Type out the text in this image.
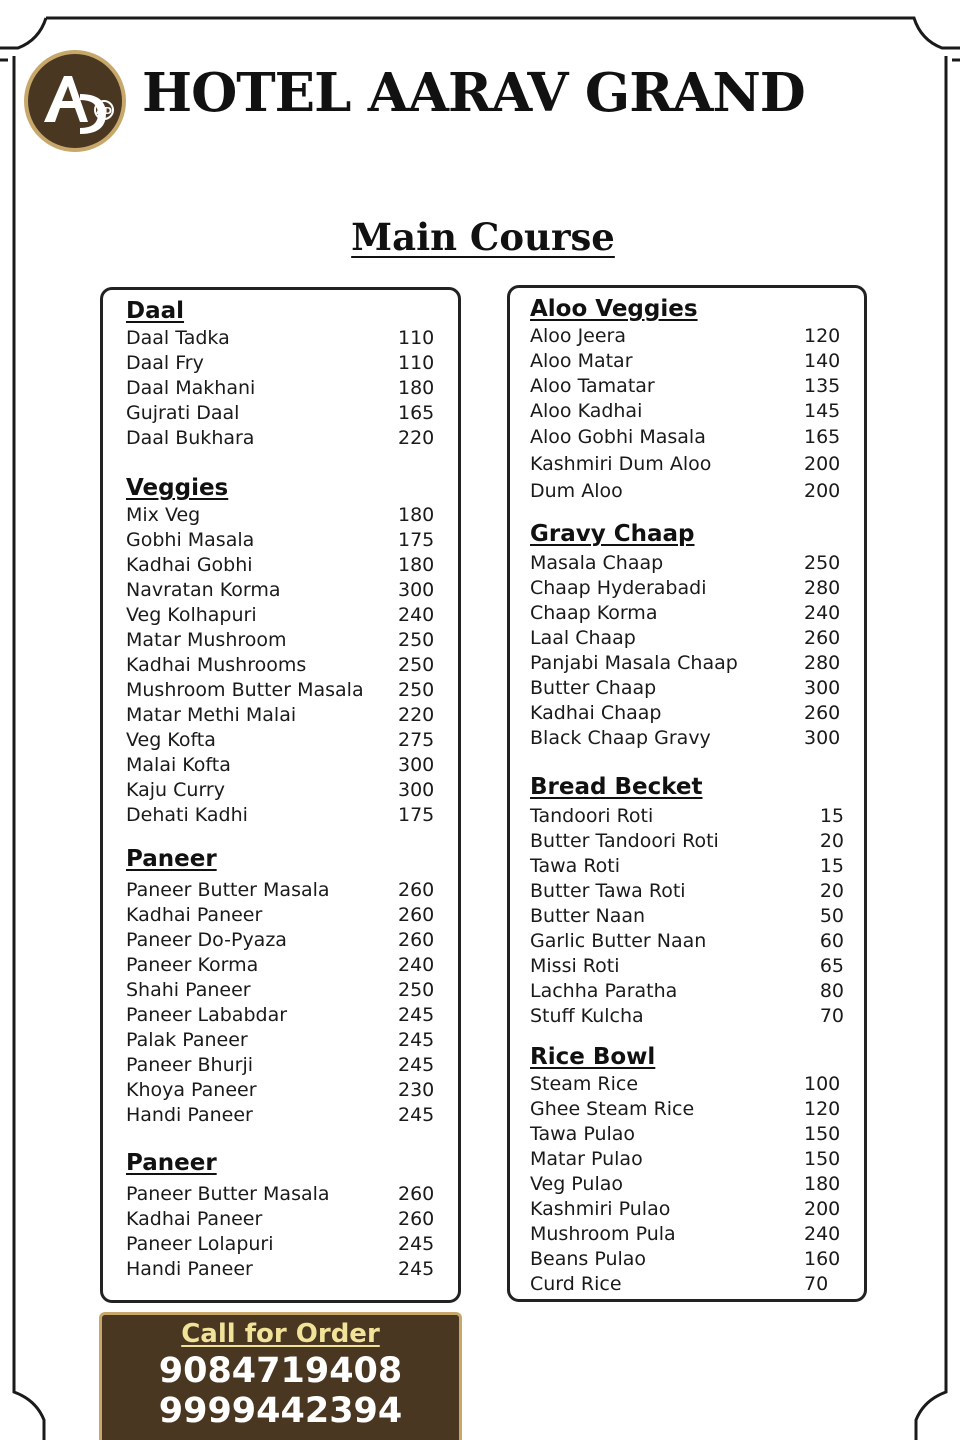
AD HOTEL AARAV GRAND
Main Course
Daal
Daal Tadka	110
Daal Fry	110
Daal Makhani	180
Gujrati Daal	165
Daal Bukhara	220
Veggies
Mix Veg	180
Gobhi Masala	175
Kadhai Gobhi	180
Navratan Korma	300
Veg Kolhapuri	240
Matar Mushroom	250
Kadhai Mushrooms	250
Mushroom Butter Masala 250
Matar Methi Malai	220
Veg Kofta	275
Malai Kofta	300
Kaju Curry	300
Dehati Kadhi	175
Paneer
Paneer Butter Masala	260
Kadhai Paneer	260
Paneer Do-Pyaza	260
Paneer Korma	240
Shahi Paneer	250
Paneer Lababdar	245
Palak Paneer	245
Paneer Bhurji	245
Khoya Paneer	230
Handi Paneer	245
Paneer
Paneer Butter Masala	260
Kadhai Paneer	260
Paneer Lolapuri	245
Handi Paneer	245
Aloo Veggies
Aloo Jeera	120
Aloo Matar	140
Aloo Tamatar	135
Aloo Kadhai	145
Aloo Gobhi Masala	165
Kashmiri Dum Aloo	200
Dum Aloo	200
Gravy Chaap
Masala Chaap	250
Chaap Hyderabadi	280
Chaap Korma	240
Laal Chaap	260
Panjabi Masala Chaap	280
Butter Chaap	300
Kadhai Chaap	260
Black Chaap Gravy	300
Bread Becket
Tandoori Roti	15
Butter Tandoori Roti	20
Tawa Roti	15
Butter Tawa Roti	20
Butter Naan	50
Garlic Butter Naan	60
Missi Roti	65
Lachha Paratha	80
Stuff Kulcha	70
Rice Bowl
Steam Rice	100
Ghee Steam Rice	120
Tawa Pulao	150
Matar Pulao	150
Veg Pulao	180
Kashmiri Pulao	200
Mushroom Pula	240
Beans Pulao	160
Curd Rice	70

Call for Order

9084719408

9999442394
